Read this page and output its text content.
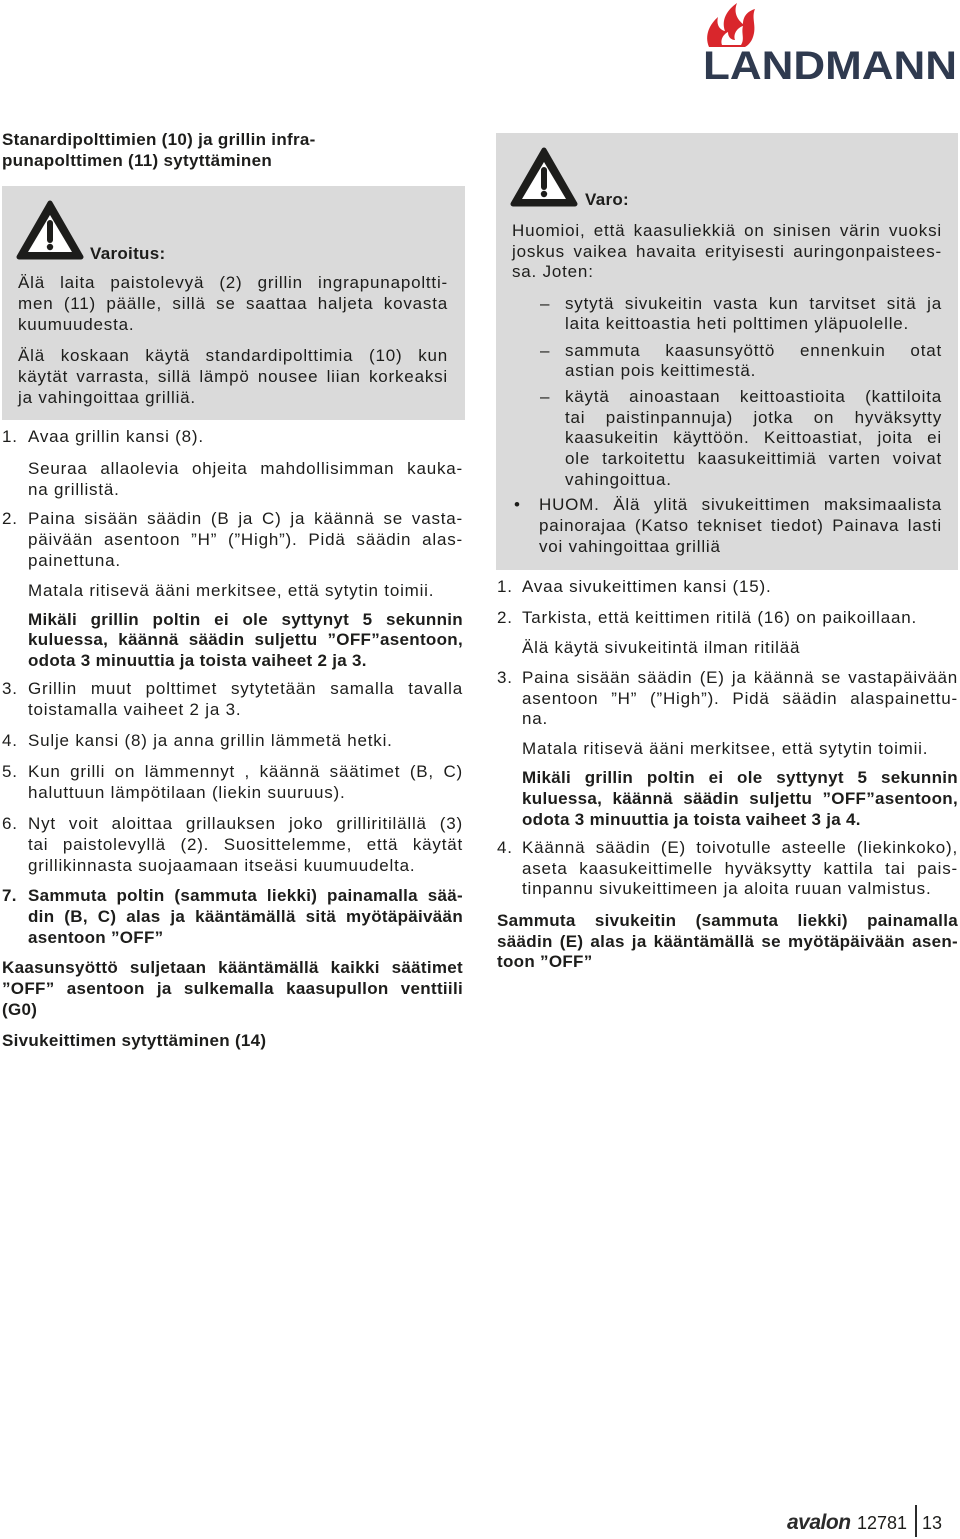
LANDMANN
Stanardipolttimien (10) ja grillin infra-
punapolttimen (11) sytyttäminen
Varoitus:
Älä laita paistolevyä (2) grillin ingrapunapoltti-
men (11) päälle, sillä se saattaa haljeta kovasta
kuumuudesta.
Älä koskaan käytä standardipolttimia (10) kun
käytät varrasta, sillä lämpö nousee liian korkeaksi
ja vahingoittaa grilliä.
1. Avaa grillin kansi (8).
Seuraa allaolevia ohjeita mahdollisimman kauka-
na grillistä.
2. Paina sisään säädin (B ja C) ja käännä se vasta-
päivään asentoon ”H” (”High”). Pidä säädin alas-
painettuna.
Matala ritisevä ääni merkitsee, että sytytin toimii.
Mikäli grillin poltin ei ole syttynyt 5 sekunnin
kuluessa, käännä säädin suljettu ”OFF”asentoon,
odota 3 minuuttia ja toista vaiheet 2 ja 3.
3. Grillin muut polttimet sytytetään samalla tavalla
toistamalla vaiheet 2 ja 3.
4. Sulje kansi (8) ja anna grillin lämmetä hetki.
5. Kun grilli on lämmennyt , käännä säätimet (B, C)
haluttuun lämpötilaan (liekin suuruus).
6. Nyt voit aloittaa grillauksen joko grilliritilällä (3)
tai paistolevyllä (2). Suosittelemme, että käytät
grillikinnasta suojaamaan itseäsi kuumuudelta.
7. Sammuta poltin (sammuta liekki) painamalla sää-
din (B, C) alas ja kääntämällä sitä myötäpäivään
asentoon ”OFF”
Kaasunsyöttö suljetaan kääntämällä kaikki säätimet
”OFF” asentoon ja sulkemalla kaasupullon venttiili
(G0)
Sivukeittimen sytyttäminen (14)
Varo:
Huomioi, että kaasuliekkiä on sinisen värin vuoksi
joskus vaikea havaita erityisesti auringonpaistees-
sa. Joten:
– sytytä sivukeitin vasta kun tarvitset sitä ja
laita keittoastia heti polttimen yläpuolelle.
– sammuta kaasunsyöttö ennenkuin otat
astian pois keittimestä.
– käytä ainoastaan keittoastioita (kattiloita
tai paistinpannuja) jotka on hyväksytty
kaasukeitin käyttöön. Keittoastiat, joita ei
ole tarkoitettu kaasukeittimiä varten voivat
vahingoittua.
• HUOM. Älä ylitä sivukeittimen maksimaalista
painorajaa (Katso tekniset tiedot) Painava lasti
voi vahingoittaa grilliä
1. Avaa sivukeittimen kansi (15).
2. Tarkista, että keittimen ritilä (16) on paikoillaan.
Älä käytä sivukeitintä ilman ritilää
3. Paina sisään säädin (E) ja käännä se vastapäivään
asentoon ”H” (”High”). Pidä säädin alaspainettu-
na.
Matala ritisevä ääni merkitsee, että sytytin toimii.
Mikäli grillin poltin ei ole syttynyt 5 sekunnin
kuluessa, käännä säädin suljettu ”OFF”asentoon,
odota 3 minuuttia ja toista vaiheet 3 ja 4.
4. Käännä säädin (E) toivotulle asteelle (liekinkoko),
aseta kaasukeittimelle hyväksytty kattila tai pais-
tinpannu sivukeittimeen ja aloita ruuan valmistus.
Sammuta sivukeitin (sammuta liekki) painamalla
säädin (E) alas ja kääntämällä se myötäpäivään asen-
toon ”OFF”
avalon 12781 13
